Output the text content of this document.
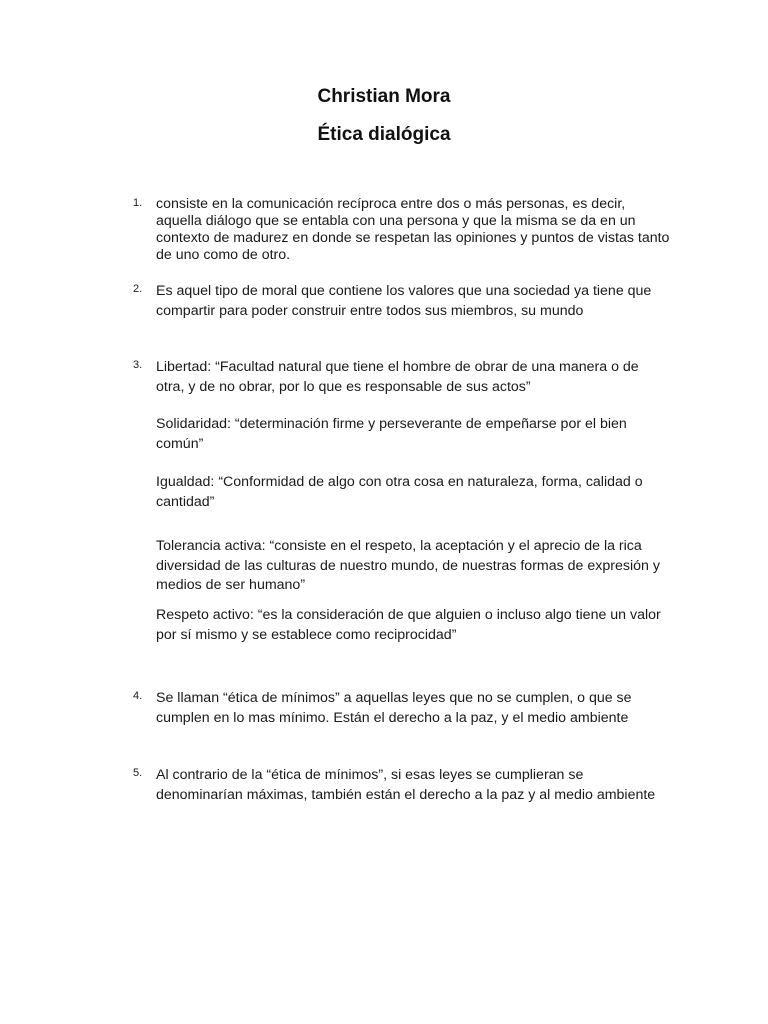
Christian Mora
Ética dialógica
1. consiste en la comunicación recíproca entre dos o más personas, es decir, aquella diálogo que se entabla con una persona y que la misma se da en un contexto de madurez en donde se respetan las opiniones y puntos de vistas tanto de uno como de otro.

2. Es aquel tipo de moral que contiene los valores que una sociedad ya tiene que compartir para poder construir entre todos sus miembros, su mundo

3. Libertad: “Facultad natural que tiene el hombre de obrar de una manera o de otra, y de no obrar, por lo que es responsable de sus actos”

Solidaridad: “determinación firme y perseverante de empeñarse por el bien común”

Igualdad: “Conformidad de algo con otra cosa en naturaleza, forma, calidad o cantidad”

Tolerancia activa: “consiste en el respeto, la aceptación y el aprecio de la rica diversidad de las culturas de nuestro mundo, de nuestras formas de expresión y medios de ser humano”

Respeto activo: “es la consideración de que alguien o incluso algo tiene un valor por sí mismo y se establece como reciprocidad”

4. Se llaman “ética de mínimos” a aquellas leyes que no se cumplen, o que se cumplen en lo mas mínimo. Están el derecho a la paz, y el medio ambiente

5. Al contrario de la “ética de mínimos”, si esas leyes se cumplieran se denominarían máximas, también están el derecho a la paz y al medio ambiente
